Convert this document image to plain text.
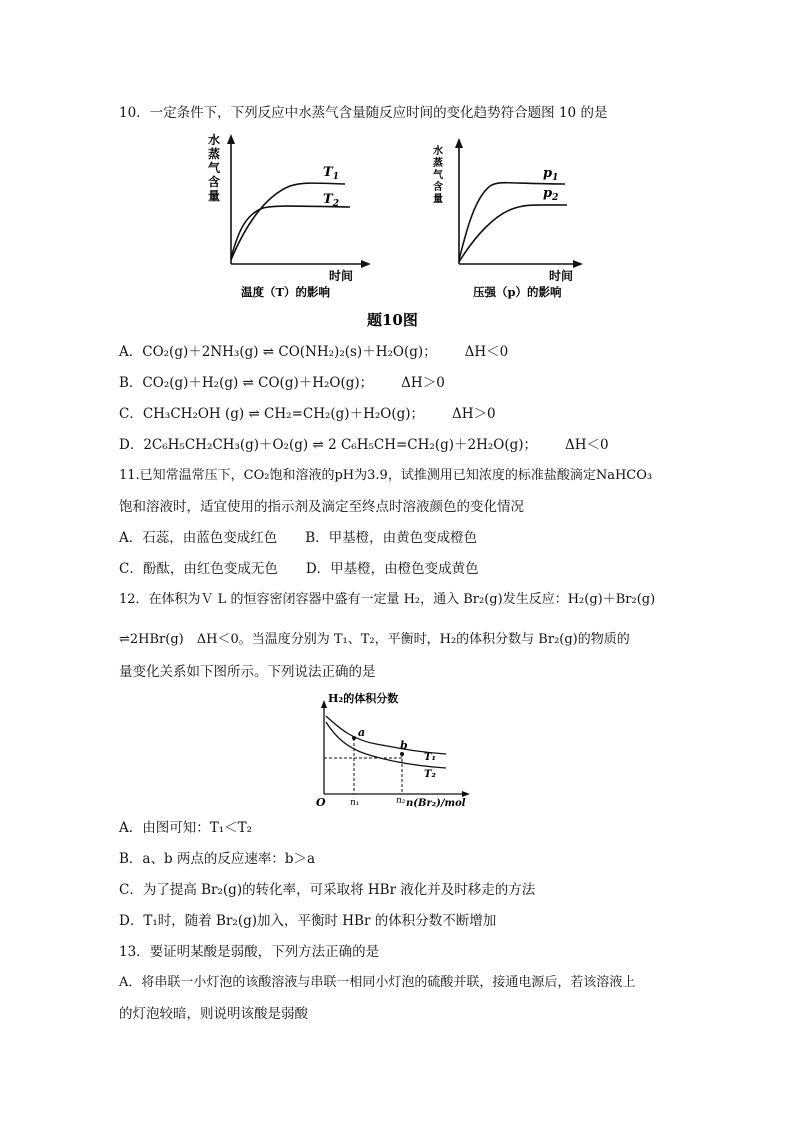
10．一定条件下，下列反应中水蒸气含量随反应时间的变化趋势符合题图 10 的是
水
蒸
气
含
量
$T_1$
$T_2$
时间
温度（T）的影响
水
蒸
气
含
量
$p_1$
$p_2$
时间
压强（p）的影响
题10图
A．CO₂(g)＋2NH₃(g) ⇌ CO(NH₂)₂(s)＋H₂O(g)； ΔH＜0
B．CO₂(g)＋H₂(g) ⇌ CO(g)＋H₂O(g)； ΔH＞0
C．CH₃CH₂OH (g) ⇌ CH₂=CH₂(g)＋H₂O(g)； ΔH＞0
D．2C₆H₅CH₂CH₃(g)＋O₂(g) ⇌ 2 C₆H₅CH=CH₂(g)＋2H₂O(g)； ΔH＜0
11.已知常温常压下，CO₂饱和溶液的pH为3.9，试推测用已知浓度的标准盐酸滴定NaHCO₃
饱和溶液时，适宜使用的指示剂及滴定至终点时溶液颜色的变化情况
A．石蕊，由蓝色变成红色 B．甲基橙，由黄色变成橙色
C．酚酞，由红色变成无色 D．甲基橙，由橙色变成黄色
12．在体积为Ｖ L 的恒容密闭容器中盛有一定量 H₂，通入 Br₂(g)发生反应：H₂(g)＋Br₂(g)
⇌2HBr(g)　ΔH＜0。当温度分别为 T₁、T₂，平衡时，H₂的体积分数与 Br₂(g)的物质的
量变化关系如下图所示。下列说法正确的是
H₂的体积分数
a
b
T₁
T₂
O	n₁	n₂ n(Br₂)/mol
A．由图可知：T₁＜T₂
B．a、b 两点的反应速率：b＞a
C．为了提高 Br₂(g)的转化率，可采取将 HBr 液化并及时移走的方法
D．T₁时，随着 Br₂(g)加入，平衡时 HBr 的体积分数不断增加
13．要证明某酸是弱酸，下列方法正确的是
A．将串联一小灯泡的该酸溶液与串联一相同小灯泡的硫酸并联，接通电源后，若该溶液上
的灯泡较暗，则说明该酸是弱酸
